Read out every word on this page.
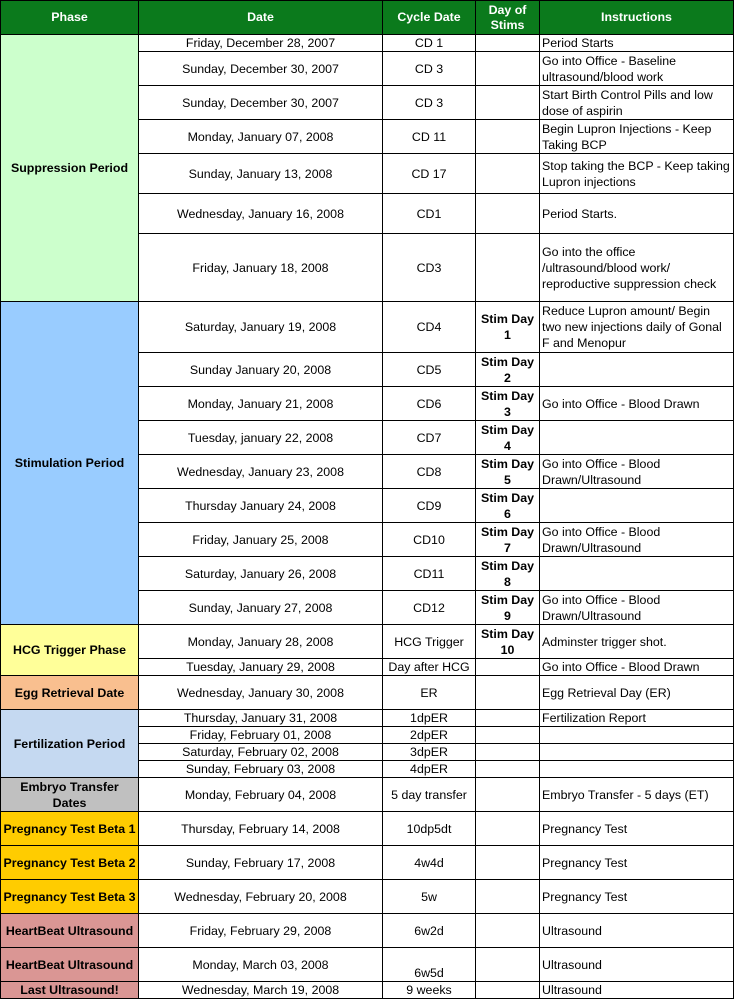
Phase	Date	Cycle Date	Day of Stims	Instructions
Suppression Period	Friday, December 28, 2007	CD 1		Period Starts
	Sunday, December 30, 2007	CD 3		Go into Office - Baseline ultrasound/blood work
	Sunday, December 30, 2007	CD 3		Start Birth Control Pills and low dose of aspirin
	Monday, January 07, 2008	CD 11		Begin Lupron Injections - Keep Taking BCP
	Sunday, January 13, 2008	CD 17		Stop taking the BCP - Keep taking Lupron injections
	Wednesday, January 16, 2008	CD1		Period Starts.
	Friday, January 18, 2008	CD3		Go into the office /ultrasound/blood work/ reproductive suppression check
Stimulation Period	Saturday, January 19, 2008	CD4	Stim Day 1	Reduce Lupron amount/ Begin two new injections daily of Gonal F and Menopur
	Sunday January 20, 2008	CD5	Stim Day 2	
	Monday, January 21, 2008	CD6	Stim Day 3	Go into Office - Blood Drawn
	Tuesday, january 22, 2008	CD7	Stim Day 4	
	Wednesday, January 23, 2008	CD8	Stim Day 5	Go into Office - Blood Drawn/Ultrasound
	Thursday January 24, 2008	CD9	Stim Day 6	
	Friday, January 25, 2008	CD10	Stim Day 7	Go into Office - Blood Drawn/Ultrasound
	Saturday, January 26, 2008	CD11	Stim Day 8	
	Sunday, January 27, 2008	CD12	Stim Day 9	Go into Office - Blood Drawn/Ultrasound
HCG Trigger Phase	Monday, January 28, 2008	HCG Trigger	Stim Day 10	Adminster trigger shot.
	Tuesday, January 29, 2008	Day after HCG		Go into Office - Blood Drawn
Egg Retrieval Date	Wednesday, January 30, 2008	ER		Egg Retrieval Day (ER)
Fertilization Period	Thursday, January 31, 2008	1dpER		Fertilization Report
	Friday, February 01, 2008	2dpER		
	Saturday, February 02, 2008	3dpER		
	Sunday, February 03, 2008	4dpER		
Embryo Transfer Dates	Monday, February 04, 2008	5 day transfer		Embryo Transfer - 5 days (ET)
Pregnancy Test Beta 1	Thursday, February 14, 2008	10dp5dt		Pregnancy Test
Pregnancy Test Beta 2	Sunday, February 17, 2008	4w4d		Pregnancy Test
Pregnancy Test Beta 3	Wednesday, February 20, 2008	5w		Pregnancy Test
HeartBeat Ultrasound	Friday, February 29, 2008	6w2d		Ultrasound
HeartBeat Ultrasound	Monday, March 03, 2008	6w5d		Ultrasound
Last Ultrasound!	Wednesday, March 19, 2008	9 weeks		Ultrasound
